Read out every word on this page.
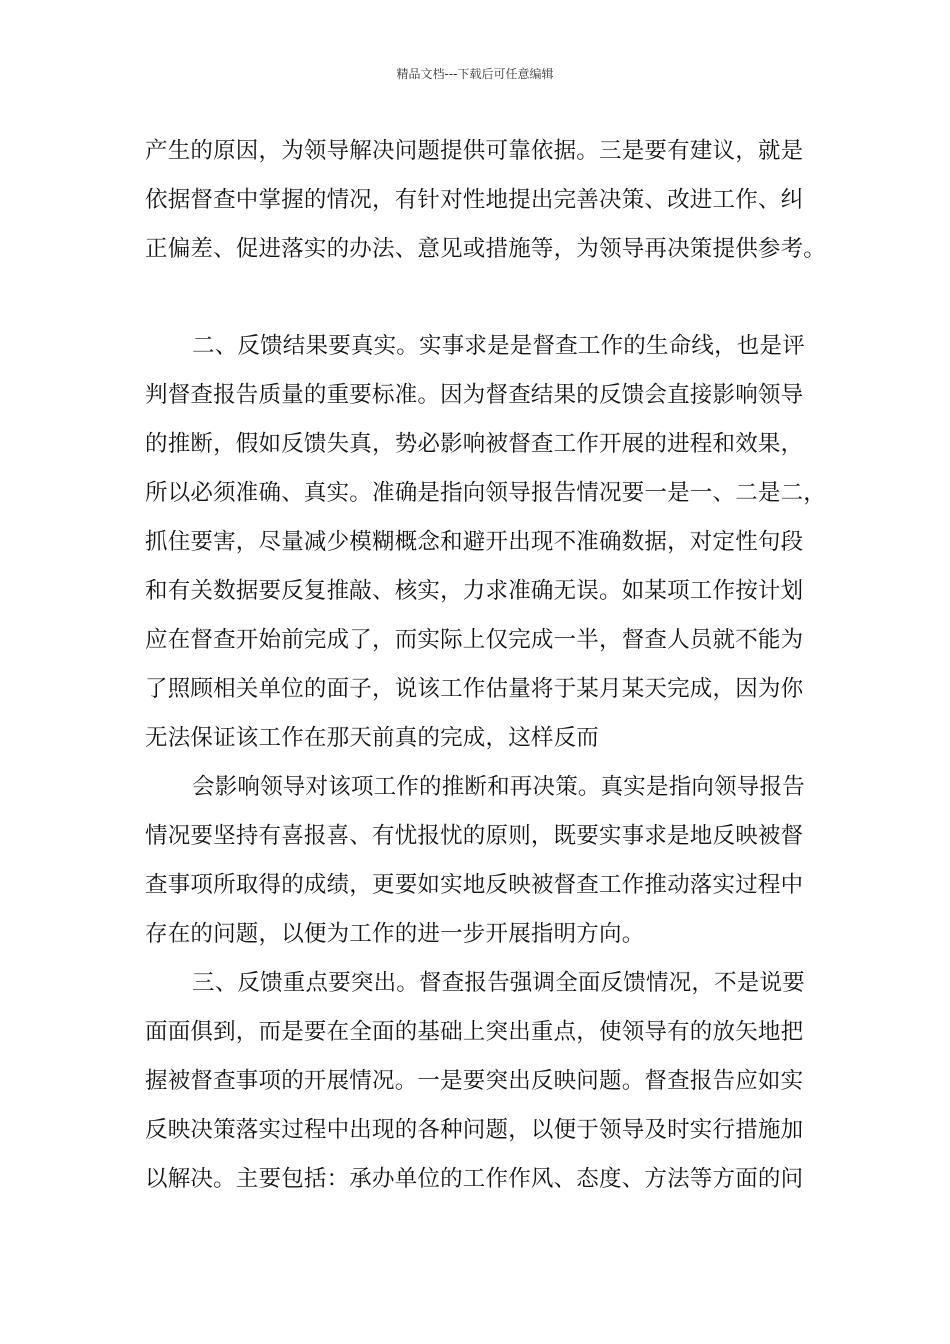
精品文档---下载后可任意编辑
产生的原因，为领导解决问题提供可靠依据。三是要有建议，就是
依据督查中掌握的情况，有针对性地提出完善决策、改进工作、纠
正偏差、促进落实的办法、意见或措施等，为领导再决策提供参考。
二、反馈结果要真实。实事求是是督查工作的生命线，也是评
判督查报告质量的重要标准。因为督查结果的反馈会直接影响领导
的推断，假如反馈失真，势必影响被督查工作开展的进程和效果，
所以必须准确、真实。准确是指向领导报告情况要一是一、二是二，
抓住要害，尽量减少模糊概念和避开出现不准确数据，对定性句段
和有关数据要反复推敲、核实，力求准确无误。如某项工作按计划
应在督查开始前完成了，而实际上仅完成一半，督查人员就不能为
了照顾相关单位的面子，说该工作估量将于某月某天完成，因为你
无法保证该工作在那天前真的完成，这样反而
会影响领导对该项工作的推断和再决策。真实是指向领导报告
情况要坚持有喜报喜、有忧报忧的原则，既要实事求是地反映被督
查事项所取得的成绩，更要如实地反映被督查工作推动落实过程中
存在的问题，以便为工作的进一步开展指明方向。
三、反馈重点要突出。督查报告强调全面反馈情况，不是说要
面面俱到，而是要在全面的基础上突出重点，使领导有的放矢地把
握被督查事项的开展情况。一是要突出反映问题。督查报告应如实
反映决策落实过程中出现的各种问题，以便于领导及时实行措施加
以解决。主要包括：承办单位的工作作风、态度、方法等方面的问
